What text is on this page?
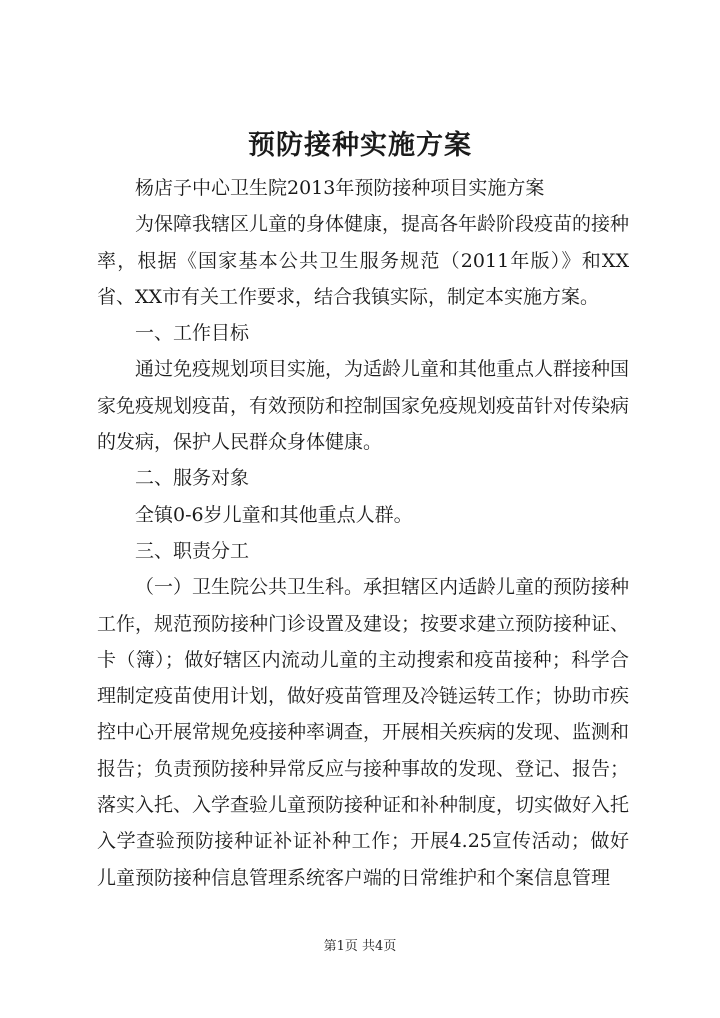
预防接种实施方案

杨店子中心卫生院2013年预防接种项目实施方案

为保障我辖区儿童的身体健康，提高各年龄阶段疫苗的接种率，根据《国家基本公共卫生服务规范（2011年版）》和XX省、XX市有关工作要求，结合我镇实际，制定本实施方案。

一、工作目标

通过免疫规划项目实施，为适龄儿童和其他重点人群接种国家免疫规划疫苗，有效预防和控制国家免疫规划疫苗针对传染病的发病，保护人民群众身体健康。

二、服务对象

全镇0-6岁儿童和其他重点人群。

三、职责分工

（一）卫生院公共卫生科。承担辖区内适龄儿童的预防接种工作，规范预防接种门诊设置及建设；按要求建立预防接种证、卡（簿）；做好辖区内流动儿童的主动搜索和疫苗接种；科学合理制定疫苗使用计划，做好疫苗管理及冷链运转工作；协助市疾控中心开展常规免疫接种率调查，开展相关疾病的发现、监测和报告；负责预防接种异常反应与接种事故的发现、登记、报告；落实入托、入学查验儿童预防接种证和补种制度，切实做好入托入学查验预防接种证补证补种工作；开展4.25宣传活动；做好儿童预防接种信息管理系统客户端的日常维护和个案信息管理

第1页 共4页
